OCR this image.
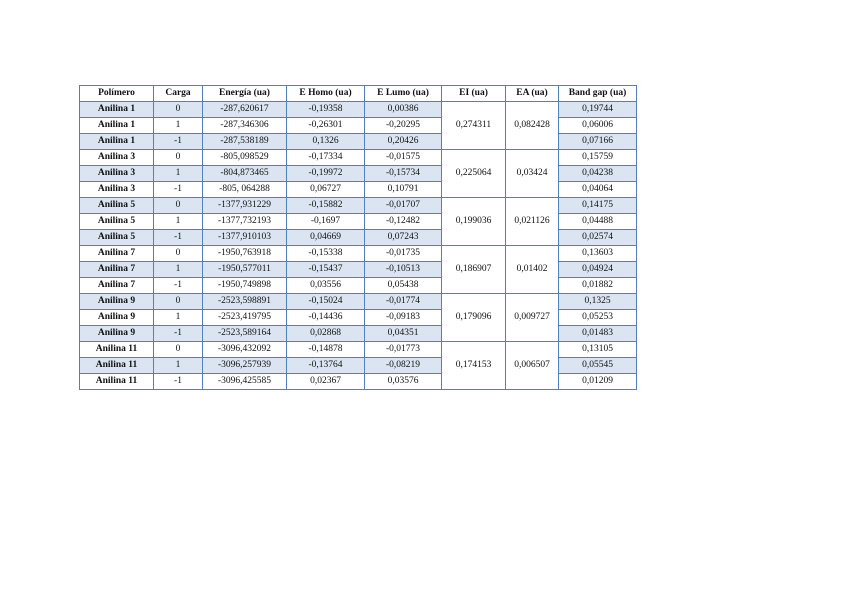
Polímero	Carga	Energía (ua)	E Homo (ua)	E Lumo (ua)	EI (ua)	EA (ua)	Band gap (ua)
Anilina 1	0	-287,620617	-0,19358	0,00386	0,274311	0,082428	0,19744
Anilina 1	1	-287,346306	-0,26301	-0,20295			0,06006
Anilina 1	-1	-287,538189	0,1326	0,20426			0,07166
Anilina 3	0	-805,098529	-0,17334	-0,01575	0,225064	0,03424	0,15759
Anilina 3	1	-804,873465	-0,19972	-0,15734			0,04238
Anilina 3	-1	-805, 064288	0,06727	0,10791			0,04064
Anilina 5	0	-1377,931229	-0,15882	-0,01707	0,199036	0,021126	0,14175
Anilina 5	1	-1377,732193	-0,1697	-0,12482			0,04488
Anilina 5	-1	-1377,910103	0,04669	0,07243			0,02574
Anilina 7	0	-1950,763918	-0,15338	-0,01735	0,186907	0,01402	0,13603
Anilina 7	1	-1950,577011	-0,15437	-0,10513			0,04924
Anilina 7	-1	-1950,749898	0,03556	0,05438			0,01882
Anilina 9	0	-2523,598891	-0,15024	-0,01774	0,179096	0,009727	0,1325
Anilina 9	1	-2523,419795	-0,14436	-0,09183			0,05253
Anilina 9	-1	-2523,589164	0,02868	0,04351			0,01483
Anilina 11	0	-3096,432092	-0,14878	-0,01773	0,174153	0,006507	0,13105
Anilina 11	1	-3096,257939	-0,13764	-0,08219			0,05545
Anilina 11	-1	-3096,425585	0,02367	0,03576			0,01209
